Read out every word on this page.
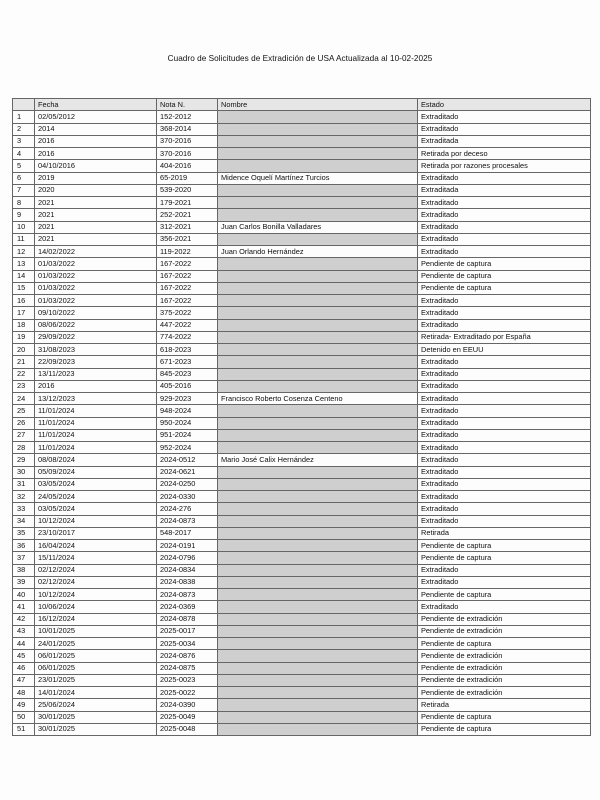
Cuadro de Solicitudes de Extradición de USA Actualizada al 10-02-2025
	Fecha	Nota N.	Nombre	Estado
1	02/05/2012	152-2012		Extraditado
2	2014	368-2014		Extraditado
3	2016	370-2016		Extraditada
4	2016	370-2016		Retirada por deceso
5	04/10/2016	404-2016		Retirada por razones procesales
6	2019	65-2019	Midence Oquelí Martínez Turcios	Extraditado
7	2020	539-2020		Extraditada
8	2021	179-2021		Extraditado
9	2021	252-2021		Extraditado
10	2021	312-2021	Juan Carlos Bonilla Valladares	Extraditado
11	2021	356-2021		Extraditado
12	14/02/2022	119-2022	Juan Orlando Hernández	Extraditado
13	01/03/2022	167-2022		Pendiente de captura
14	01/03/2022	167-2022		Pendiente de captura
15	01/03/2022	167-2022		Pendiente de captura
16	01/03/2022	167-2022		Extraditado
17	09/10/2022	375-2022		Extraditado
18	08/06/2022	447-2022		Extraditado
19	29/09/2022	774-2022		Retirada- Extraditado por España
20	31/08/2023	618-2023		Detenido en EEUU
21	22/09/2023	671-2023		Extraditado
22	13/11/2023	845-2023		Extraditado
23	2016	405-2016		Extraditado
24	13/12/2023	929-2023	Francisco Roberto Cosenza Centeno	Extraditado
25	11/01/2024	948-2024		Extraditado
26	11/01/2024	950-2024		Extraditado
27	11/01/2024	951-2024		Extraditado
28	11/01/2024	952-2024		Extraditado
29	08/08/2024	2024-0512	Mario José Calix Hernández	Extraditado
30	05/09/2024	2024-0621		Extraditado
31	03/05/2024	2024-0250		Extraditado
32	24/05/2024	2024-0330		Extraditado
33	03/05/2024	2024-276		Extraditado
34	10/12/2024	2024-0873		Extraditado
35	23/10/2017	548-2017		Retirada
36	16/04/2024	2024-0191		Pendiente de captura
37	15/11/2024	2024-0796		Pendiente de captura
38	02/12/2024	2024-0834		Extraditado
39	02/12/2024	2024-0838		Extraditado
40	10/12/2024	2024-0873		Pendiente de captura
41	10/06/2024	2024-0369		Extraditado
42	16/12/2024	2024-0878		Pendiente de extradición
43	10/01/2025	2025-0017		Pendiente de extradición
44	24/01/2025	2025-0034		Pendiente de captura
45	06/01/2025	2024-0876		Pendiente de extradición
46	06/01/2025	2024-0875		Pendiente de extradición
47	23/01/2025	2025-0023		Pendiente de extradición
48	14/01/2024	2025-0022		Pendiente de extradición
49	25/06/2024	2024-0390		Retirada
50	30/01/2025	2025-0049		Pendiente de captura
51	30/01/2025	2025-0048		Pendiente de captura
